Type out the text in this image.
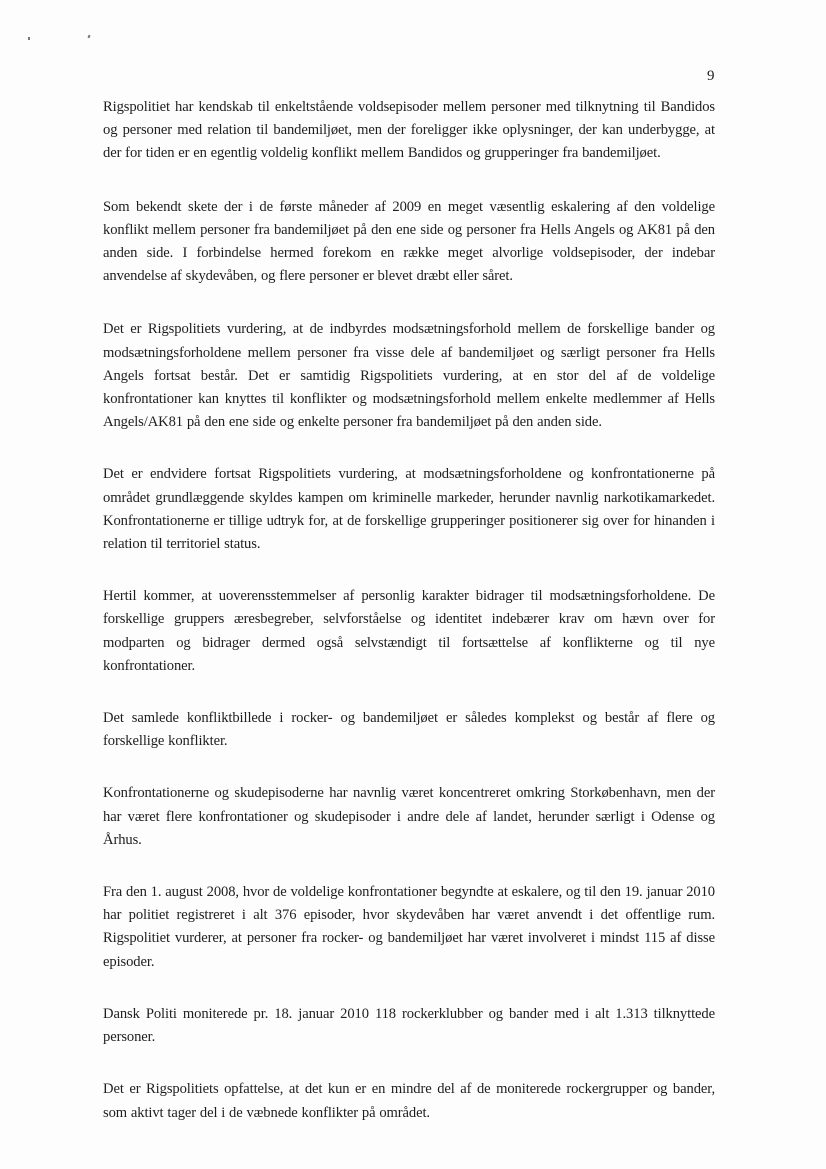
9

Rigspolitiet har kendskab til enkeltstående voldsepisoder mellem personer med tilknytning til Bandidos og personer med relation til bandemiljøet, men der foreligger ikke oplysninger, der kan underbygge, at der for tiden er en egentlig voldelig konflikt mellem Bandidos og grupperinger fra bandemiljøet.

Som bekendt skete der i de første måneder af 2009 en meget væsentlig eskalering af den voldelige konflikt mellem personer fra bandemiljøet på den ene side og personer fra Hells Angels og AK81 på den anden side. I forbindelse hermed forekom en række meget alvorlige voldsepisoder, der indebar anvendelse af skydevåben, og flere personer er blevet dræbt eller såret.

Det er Rigspolitiets vurdering, at de indbyrdes modsætningsforhold mellem de forskellige bander og modsætningsforholdene mellem personer fra visse dele af bandemiljøet og særligt personer fra Hells Angels fortsat består. Det er samtidig Rigspolitiets vurdering, at en stor del af de voldelige konfrontationer kan knyttes til konflikter og modsætningsforhold mellem enkelte medlemmer af Hells Angels/AK81 på den ene side og enkelte personer fra bandemiljøet på den anden side.

Det er endvidere fortsat Rigspolitiets vurdering, at modsætningsforholdene og konfrontationerne på området grundlæggende skyldes kampen om kriminelle markeder, herunder navnlig narkotikamarkedet. Konfrontationerne er tillige udtryk for, at de forskellige grupperinger positionerer sig over for hinanden i relation til territoriel status.

Hertil kommer, at uoverensstemmelser af personlig karakter bidrager til modsætningsforholdene. De forskellige gruppers æresbegreber, selvforståelse og identitet indebærer krav om hævn over for modparten og bidrager dermed også selvstændigt til fortsættelse af konflikterne og til nye konfrontationer.

Det samlede konfliktbillede i rocker- og bandemiljøet er således komplekst og består af flere og forskellige konflikter.

Konfrontationerne og skudepisoderne har navnlig været koncentreret omkring Storkøbenhavn, men der har været flere konfrontationer og skudepisoder i andre dele af landet, herunder særligt i Odense og Århus.

Fra den 1. august 2008, hvor de voldelige konfrontationer begyndte at eskalere, og til den 19. januar 2010 har politiet registreret i alt 376 episoder, hvor skydevåben har været anvendt i det offentlige rum. Rigspolitiet vurderer, at personer fra rocker- og bandemiljøet har været involveret i mindst 115 af disse episoder.

Dansk Politi moniterede pr. 18. januar 2010 118 rockerklubber og bander med i alt 1.313 tilknyttede personer.

Det er Rigspolitiets opfattelse, at det kun er en mindre del af de moniterede rockergrupper og bander, som aktivt tager del i de væbnede konflikter på området.
